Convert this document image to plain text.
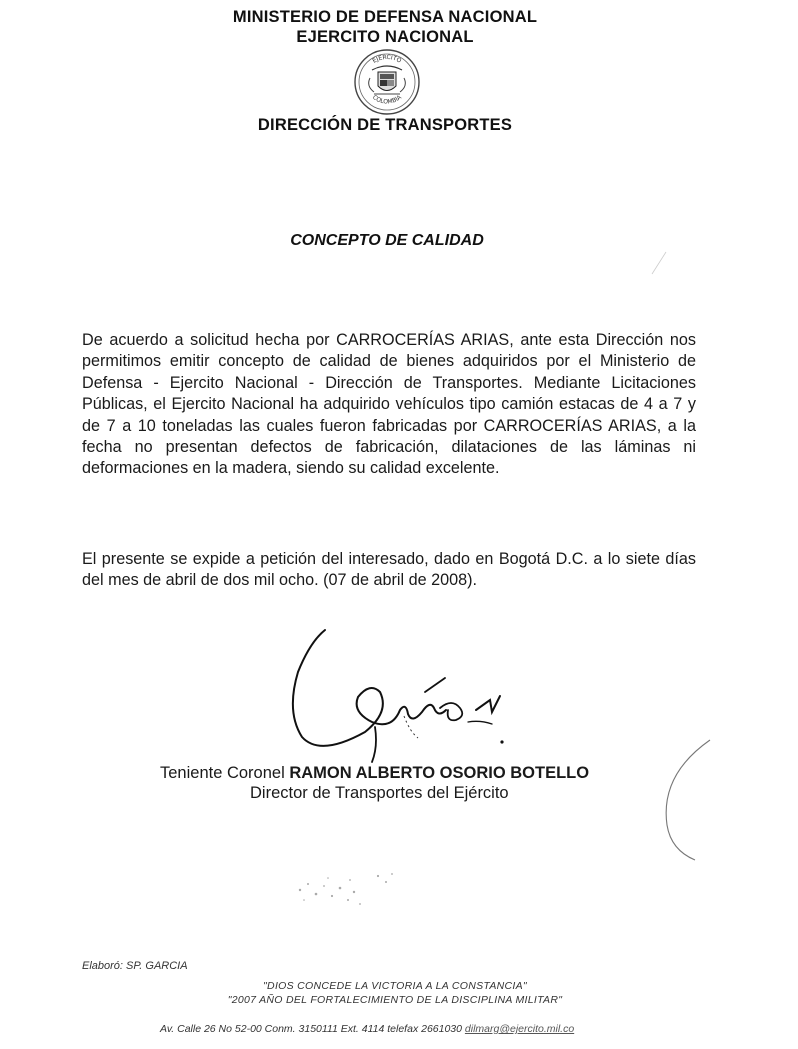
MINISTERIO DE DEFENSA NACIONAL
EJERCITO NACIONAL
EJERCITO
COLOMBIA
DIRECCIÓN DE TRANSPORTES
CONCEPTO DE CALIDAD
De acuerdo a solicitud hecha por CARROCERÍAS ARIAS, ante esta Dirección nos permitimos emitir concepto de calidad de bienes adquiridos por el Ministerio de Defensa - Ejercito Nacional - Dirección de Transportes. Mediante Licitaciones Públicas, el Ejercito Nacional ha adquirido vehículos tipo camión estacas de 4 a 7 y de 7 a 10 toneladas las cuales fueron fabricadas por CARROCERÍAS ARIAS, a la fecha no presentan defectos de fabricación, dilataciones de las láminas ni deformaciones en la madera, siendo su calidad excelente.
El presente se expide a petición del interesado, dado en Bogotá D.C. a lo siete días del mes de abril de dos mil ocho. (07 de abril de 2008).
Teniente Coronel RAMON ALBERTO OSORIO BOTELLO
Director de Transportes del Ejército
Elaboró: SP. GARCIA
"DIOS CONCEDE LA VICTORIA A LA CONSTANCIA"
"2007 AÑO DEL FORTALECIMIENTO DE LA DISCIPLINA MILITAR"
Av. Calle 26 No 52-00 Conm. 3150111 Ext. 4114 telefax 2661030 dilmarg@ejercito.mil.co
